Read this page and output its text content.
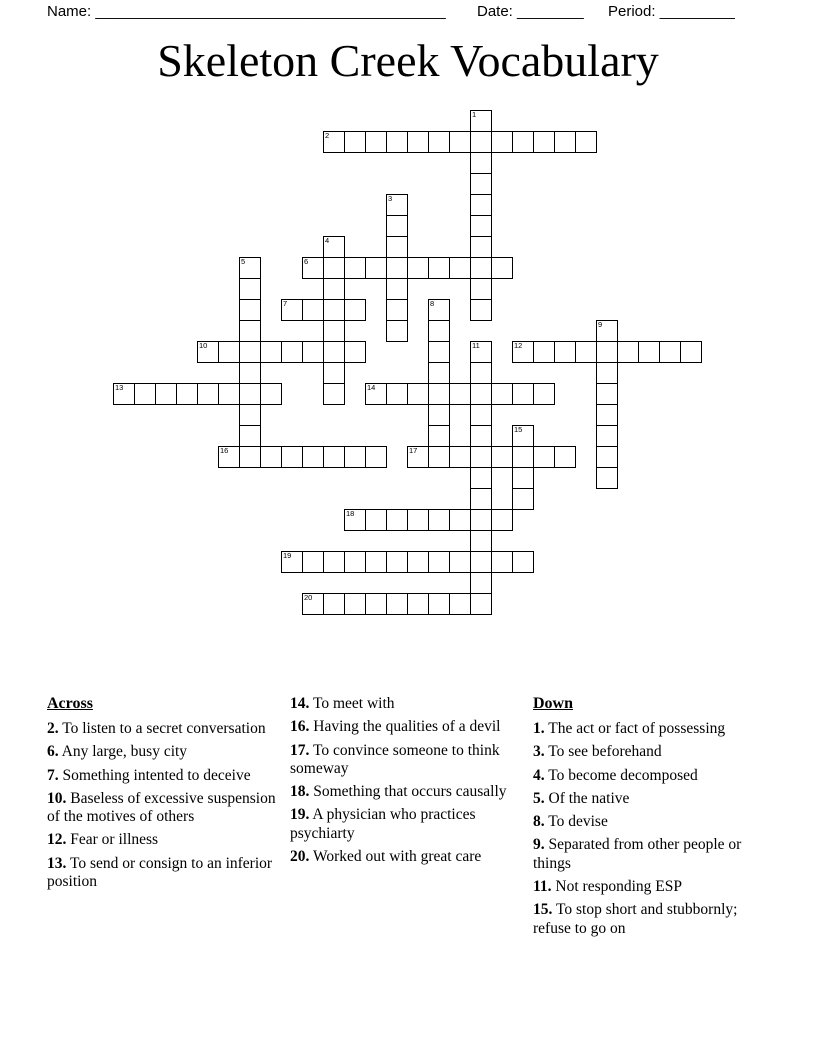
Name: __________________________________________ Date: ________ Period: _________
Skeleton Creek Vocabulary
1
2
3
4
5	6
7	8
9
10	11	12
13	14
15
16	17
18
19
20

Across

2. To listen to a secret conversation

6. Any large, busy city

7. Something intented to deceive

10. Baseless of excessive suspension of the motives of others

12. Fear or illness

13. To send or consign to an inferior position

14. To meet with

16. Having the qualities of a devil

17. To convince someone to think someway

18. Something that occurs causally

19. A physician who practices psychiarty

20. Worked out with great care

Down

1. The act or fact of possessing

3. To see beforehand

4. To become decomposed

5. Of the native

8. To devise

9. Separated from other people or things

11. Not responding ESP

15. To stop short and stubbornly; refuse to go on
